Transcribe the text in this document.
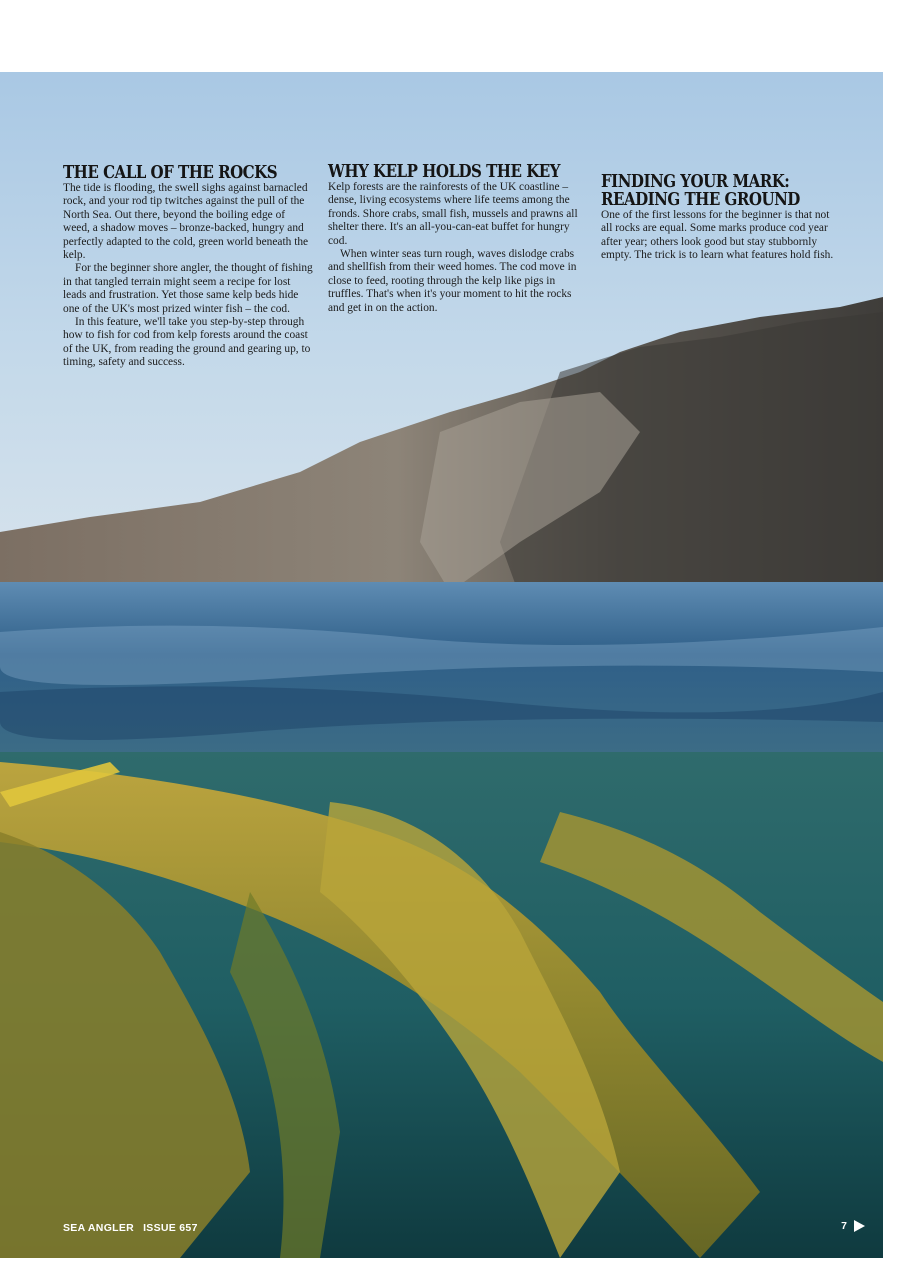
THE CALL OF THE ROCKS

The tide is flooding, the swell sighs against barnacled rock, and your rod tip twitches against the pull of the North Sea. Out there, beyond the boiling edge of weed, a shadow moves – bronze-backed, hungry and perfectly adapted to the cold, green world beneath the kelp.

For the beginner shore angler, the thought of fishing in that tangled terrain might seem a recipe for lost leads and frustration. Yet those same kelp beds hide one of the UK's most prized winter fish – the cod.

In this feature, we'll take you step-by-step through how to fish for cod from kelp forests around the coast of the UK, from reading the ground and gearing up, to timing, safety and success.

WHY KELP HOLDS THE KEY

Kelp forests are the rainforests of the UK coastline – dense, living ecosystems where life teems among the fronds. Shore crabs, small fish, mussels and prawns all shelter there. It's an all-you-can-eat buffet for hungry cod.

When winter seas turn rough, waves dislodge crabs and shellfish from their weed homes. The cod move in close to feed, rooting through the kelp like pigs in truffles. That's when it's your moment to hit the rocks and get in on the action.

FINDING YOUR MARK:
READING THE GROUND

One of the first lessons for the beginner is that not all rocks are equal. Some marks produce cod year after year; others look good but stay stubbornly empty. The trick is to learn what features hold fish.

SEA ANGLER ISSUE 657	7
